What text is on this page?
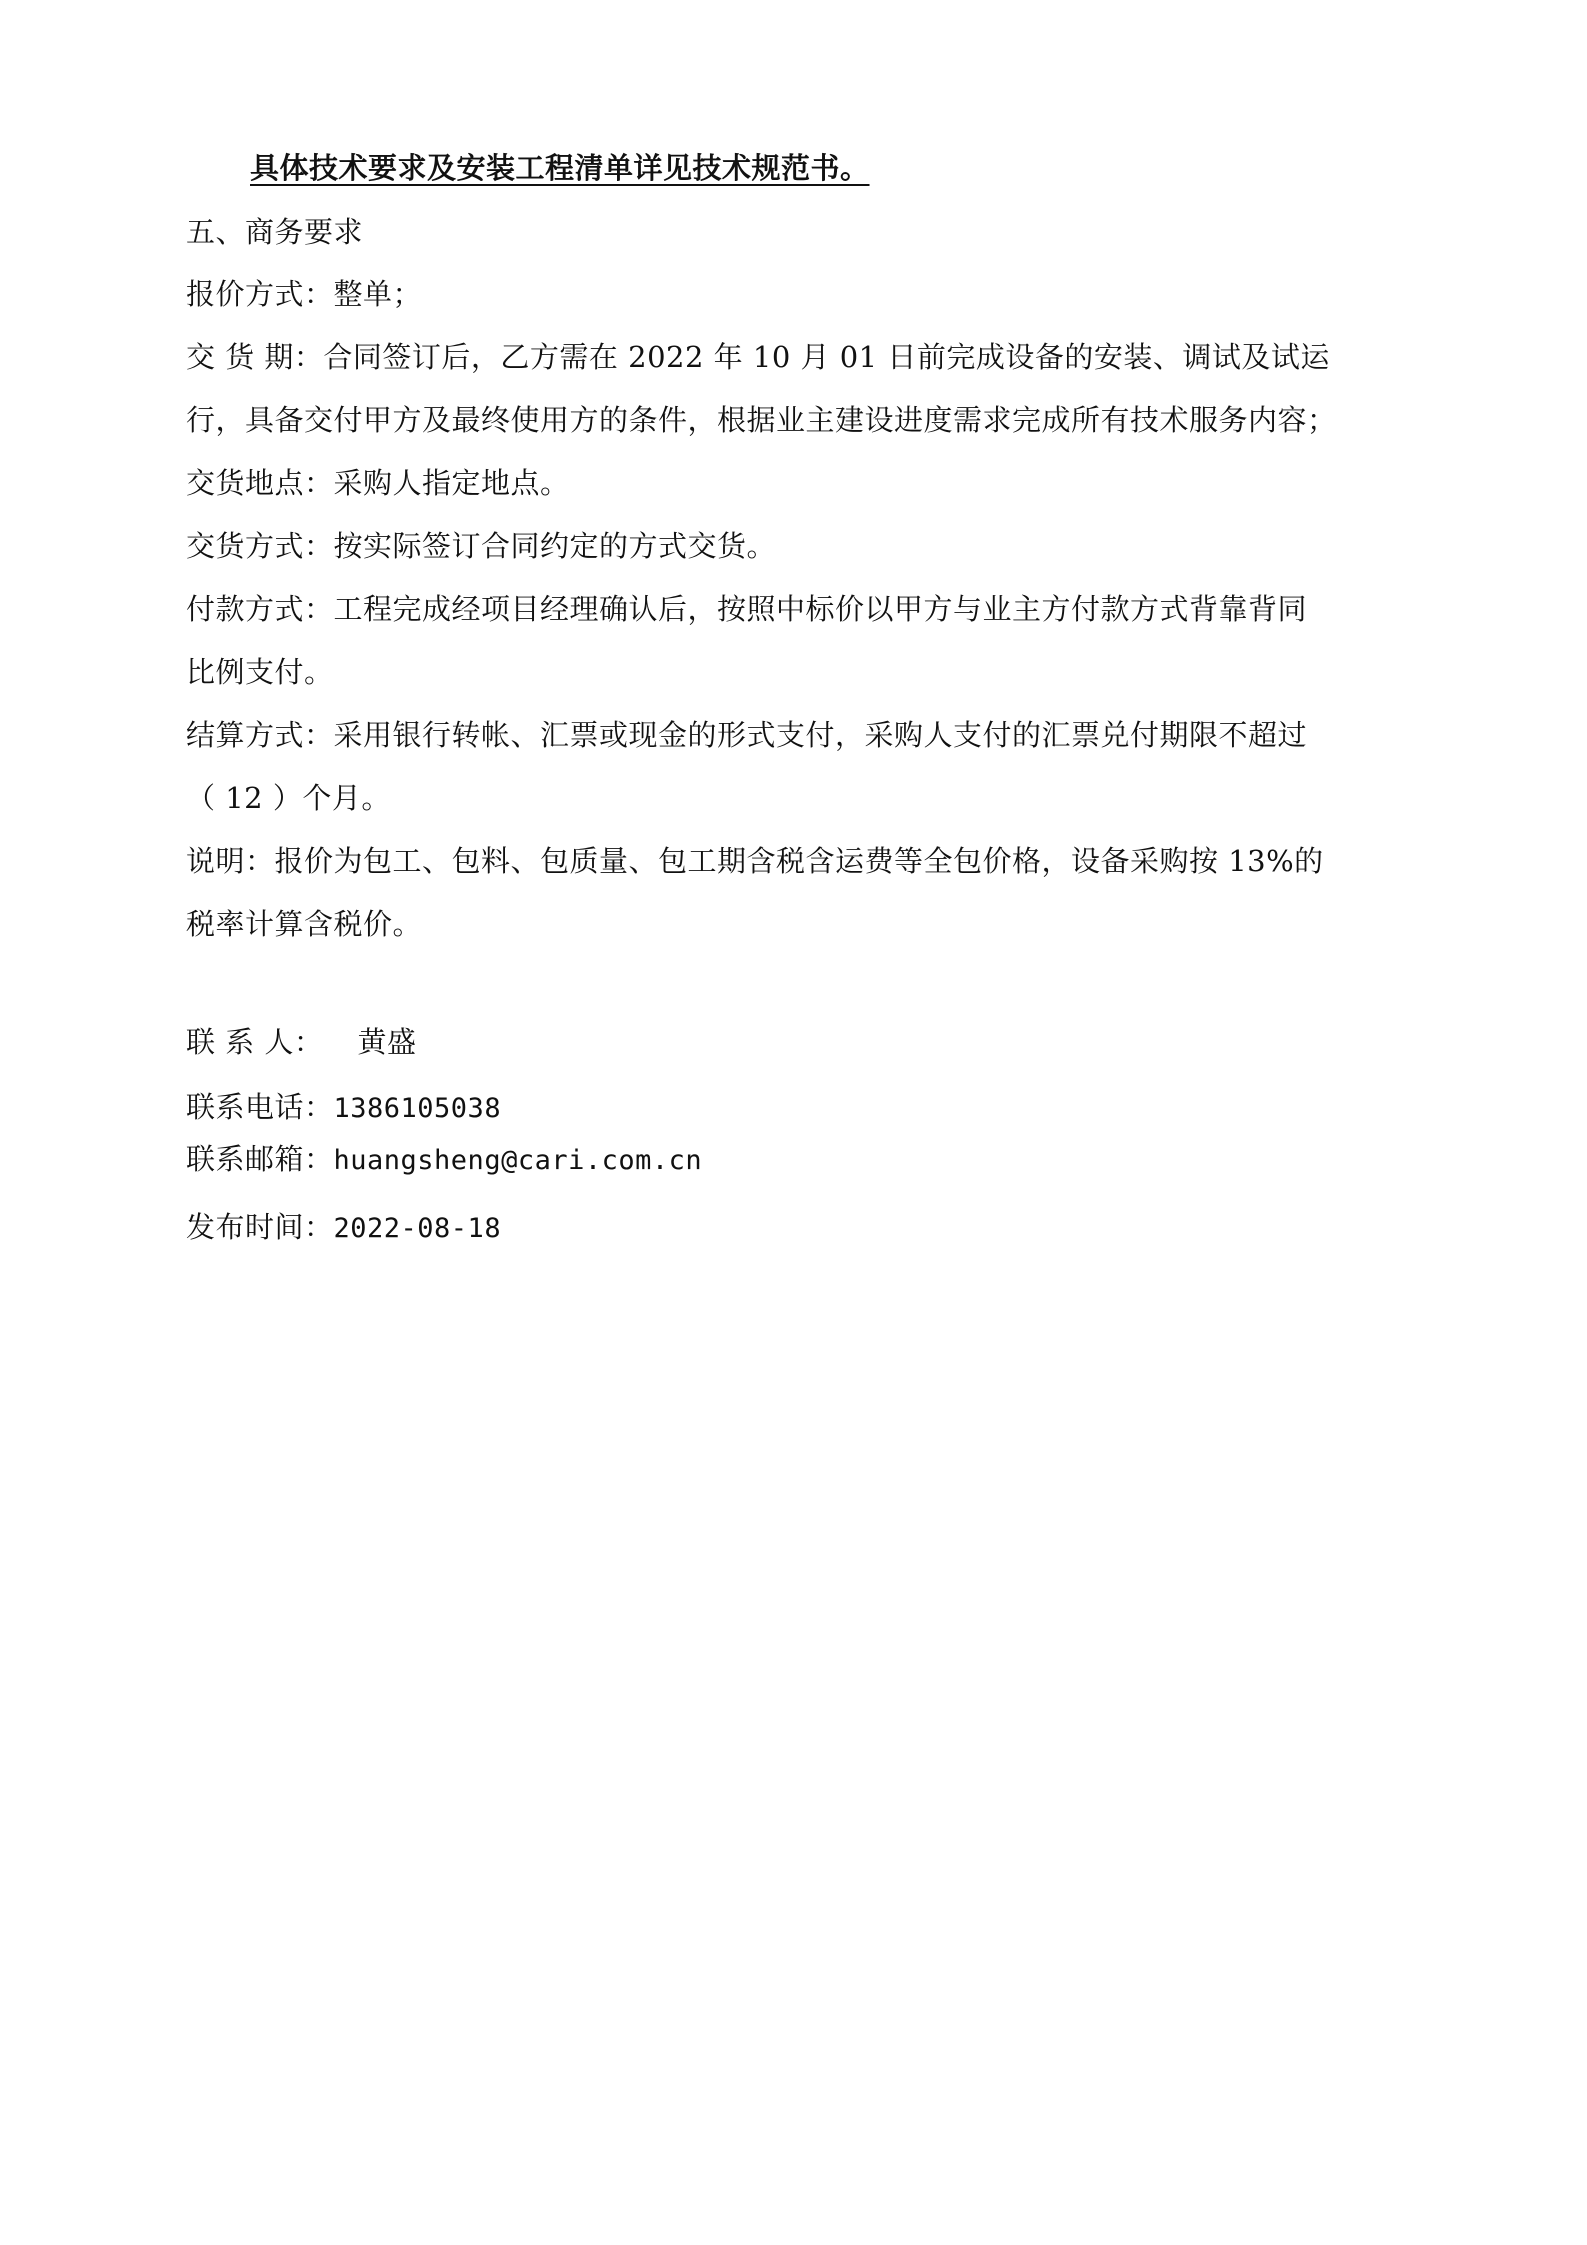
具体技术要求及安装工程清单详见技术规范书。
五、商务要求
报价方式：整单；
交 货 期：合同签订后，乙方需在 2022 年 10 月 01 日前完成设备的安装、调试及试运
行，具备交付甲方及最终使用方的条件，根据业主建设进度需求完成所有技术服务内容；
交货地点：采购人指定地点。
交货方式：按实际签订合同约定的方式交货。
付款方式：工程完成经项目经理确认后，按照中标价以甲方与业主方付款方式背靠背同
比例支付。
结算方式：采用银行转帐、汇票或现金的形式支付，采购人支付的汇票兑付期限不超过
（ 12 ）个月。
说明：报价为包工、包料、包质量、包工期含税含运费等全包价格，设备采购按 13%的
税率计算含税价。
联 系 人： 黄盛
联系电话：1386105038
联系邮箱：huangsheng@cari.com.cn
发布时间：2022-08-18
